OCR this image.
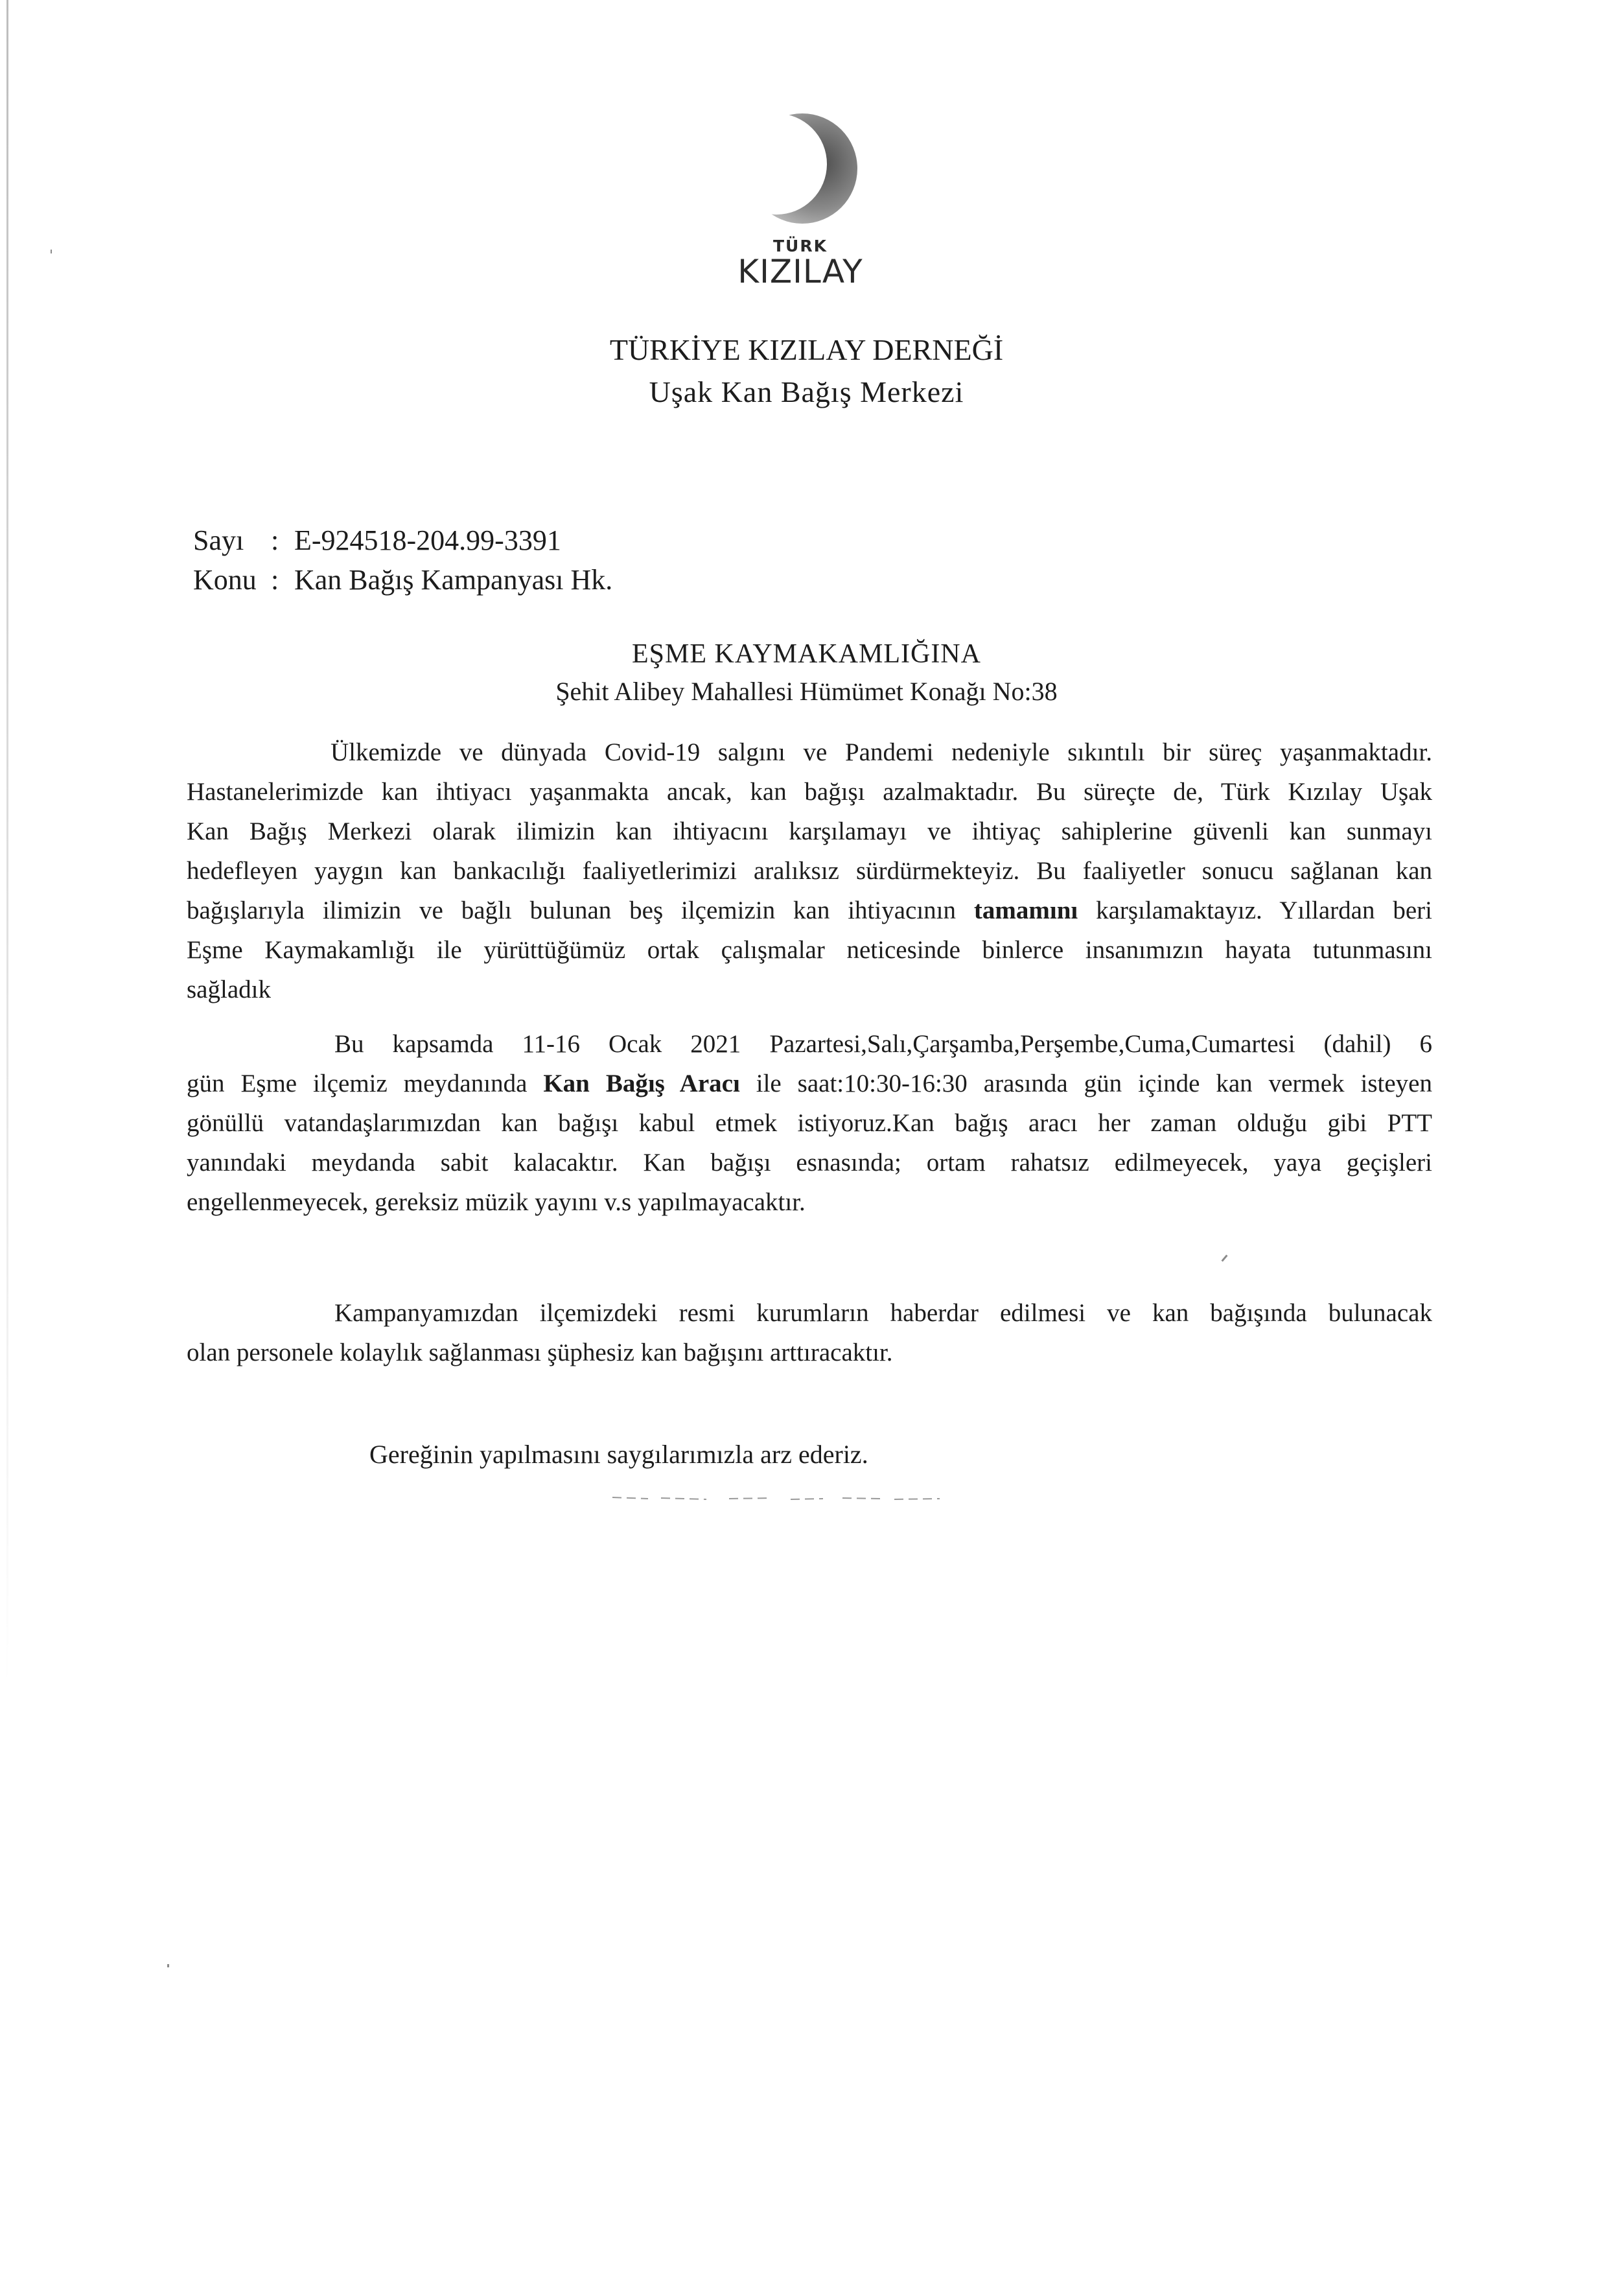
TÜRK
KIZILAY
TÜRKİYE KIZILAY DERNEĞİ
Uşak Kan Bağış Merkezi
Sayı : E-924518-204.99-3391
Konu : Kan Bağış Kampanyası Hk.
EŞME KAYMAKAMLIĞINA
Şehit Alibey Mahallesi Hümümet Konağı No:38
Ülkemizde ve dünyada Covid-19 salgını ve Pandemi nedeniyle sıkıntılı bir süreç yaşanmaktadır.
Hastanelerimizde kan ihtiyacı yaşanmakta ancak, kan bağışı azalmaktadır. Bu süreçte de, Türk Kızılay Uşak
Kan Bağış Merkezi olarak ilimizin kan ihtiyacını karşılamayı ve ihtiyaç sahiplerine güvenli kan sunmayı
hedefleyen yaygın kan bankacılığı faaliyetlerimizi aralıksız sürdürmekteyiz. Bu faaliyetler sonucu sağlanan kan
bağışlarıyla ilimizin ve bağlı bulunan beş ilçemizin kan ihtiyacının tamamını karşılamaktayız. Yıllardan beri
Eşme Kaymakamlığı ile yürüttüğümüz ortak çalışmalar neticesinde binlerce insanımızın hayata tutunmasını
sağladık
Bu kapsamda 11-16 Ocak 2021 Pazartesi,Salı,Çarşamba,Perşembe,Cuma,Cumartesi (dahil) 6
gün Eşme ilçemiz meydanında Kan Bağış Aracı ile saat:10:30-16:30 arasında gün içinde kan vermek isteyen
gönüllü vatandaşlarımızdan kan bağışı kabul etmek istiyoruz.Kan bağış aracı her zaman olduğu gibi PTT
yanındaki meydanda sabit kalacaktır. Kan bağışı esnasında; ortam rahatsız edilmeyecek, yaya geçişleri
engellenmeyecek, gereksiz müzik yayını v.s yapılmayacaktır.
Kampanyamızdan ilçemizdeki resmi kurumların haberdar edilmesi ve kan bağışında bulunacak
olan personele kolaylık sağlanması şüphesiz kan bağışını arttıracaktır.
Gereğinin yapılmasını saygılarımızla arz ederiz.
